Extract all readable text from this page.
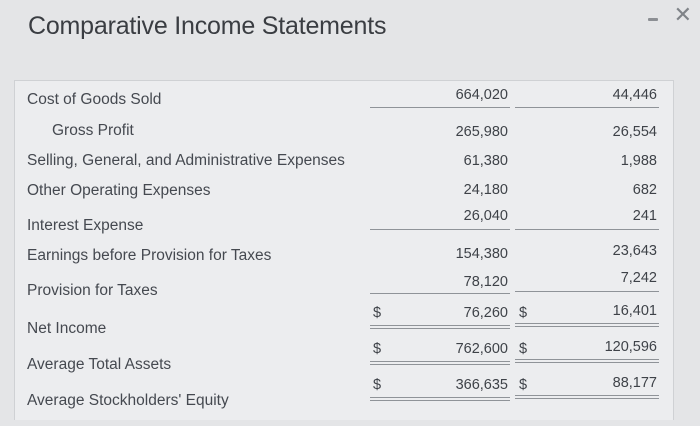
Comparative Income Statements	✕
Cost of Goods Sold
Gross Profit
Selling, General, and Administrative Expenses
Other Operating Expenses
Interest Expense
Earnings before Provision for Taxes
Provision for Taxes
Net Income
Average Total Assets
Average Stockholders' Equity
664,020
265,980
61,380
24,180
26,040
154,380
78,120
76,260
762,600
366,635
$
$
$
$
$
$
44,446
26,554
1,988
682
241
23,643
7,242
16,401
120,596
88,177
